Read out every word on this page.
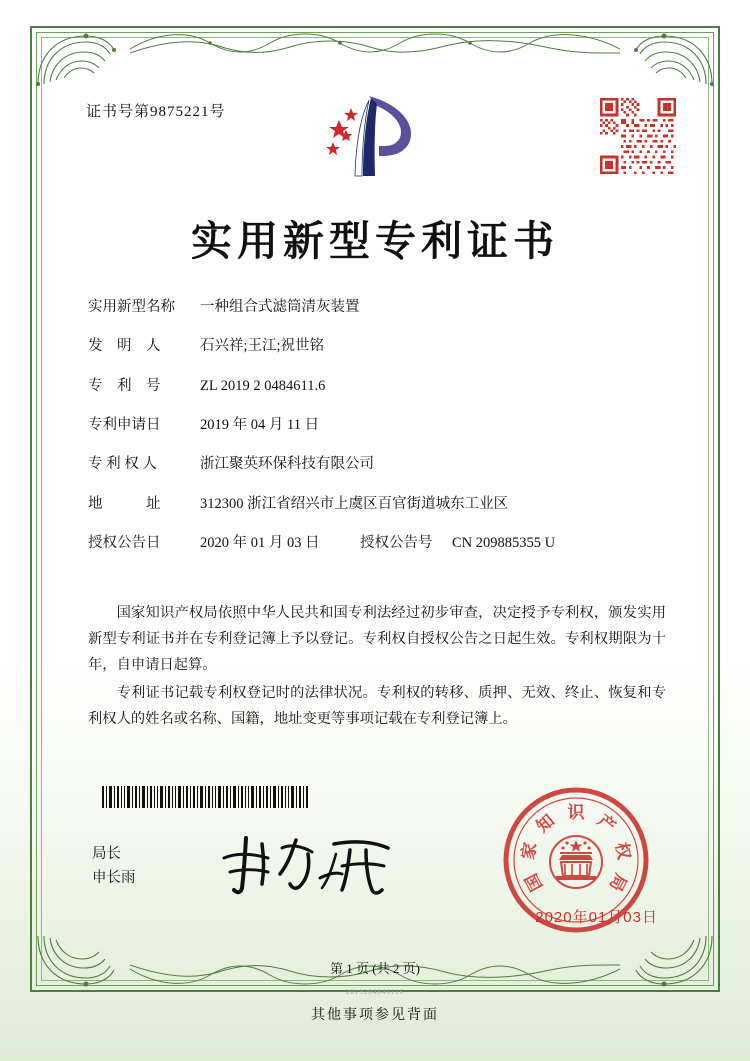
证书号第9875221号
实用新型专利证书
实用新型名称	一种组合式滤筒清灰装置
发　明　人	石兴祥;王江;祝世铭
专　利　号	ZL 2019 2 0484611.6
专利申请日	2019 年 04 月 11 日
专 利 权 人	浙江聚英环保科技有限公司
地　　　址	312300 浙江省绍兴市上虞区百官街道城东工业区
授权公告日	2020 年 01 月 03 日	授权公告号	CN 209885355 U

国家知识产权局依照中华人民共和国专利法经过初步审查，决定授予专利权，颁发实用新型专利证书并在专利登记簿上予以登记。专利权自授权公告之日起生效。专利权期限为十年，自申请日起算。

专利证书记载专利权登记时的法律状况。专利权的转移、质押、无效、终止、恢复和专利权人的姓名或名称、国籍，地址变更等事项记载在专利登记簿上。

局长
申长雨	国
家
知 识 产
权
局
2020年01月03日
第 1 页 (共 2 页)
2019204846116
其他事项参见背面
